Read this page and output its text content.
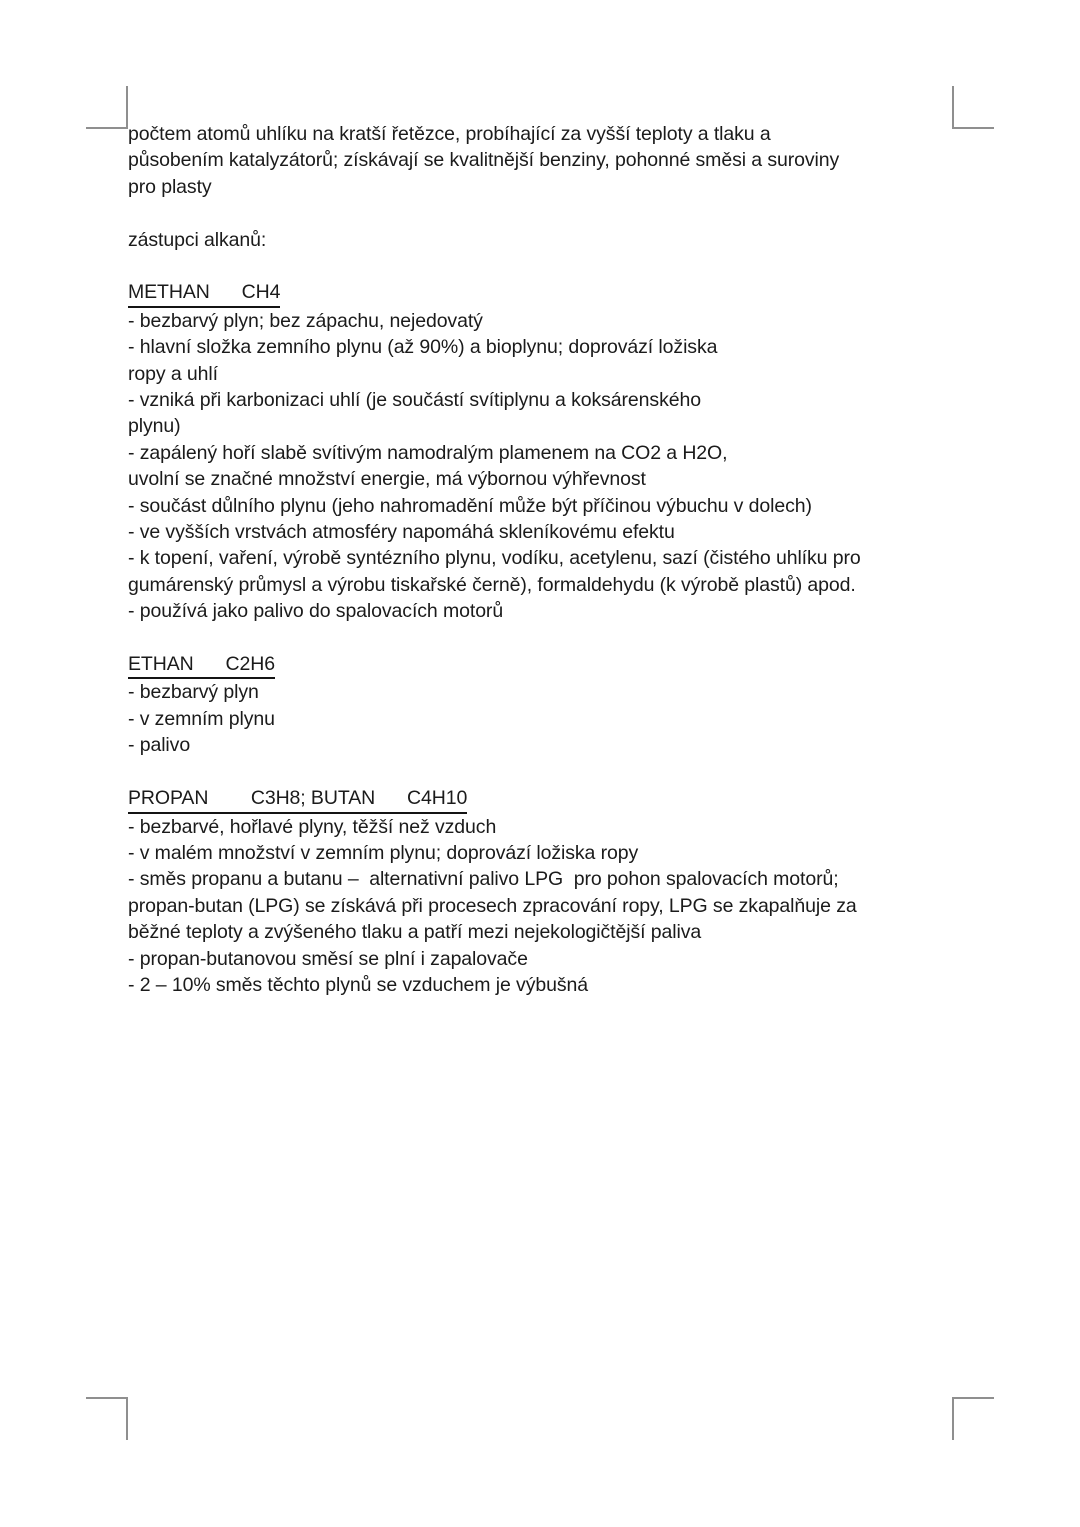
počtem atomů uhlíku na kratší řetězce, probíhající za vyšší teploty a tlaku a
působením katalyzátorů; získávají se kvalitnější benziny, pohonné směsi a suroviny
pro plasty
zástupci alkanů:
METHAN      CH4
- bezbarvý plyn; bez zápachu, nejedovatý
- hlavní složka zemního plynu (až 90%) a bioplynu; doprovází ložiska
ropy a uhlí
- vzniká při karbonizaci uhlí (je součástí svítiplynu a koksárenského
plynu)
- zapálený hoří slabě svítivým namodralým plamenem na CO2 a H2O,
uvolní se značné množství energie, má výbornou výhřevnost
- součást důlního plynu (jeho nahromadění může být příčinou výbuchu v dolech)
- ve vyšších vrstvách atmosféry napomáhá skleníkovému efektu
- k topení, vaření, výrobě syntézního plynu, vodíku, acetylenu, sazí (čistého uhlíku pro
gumárenský průmysl a výrobu tiskařské černě), formaldehydu (k výrobě plastů) apod.
- používá jako palivo do spalovacích motorů
ETHAN      C2H6
- bezbarvý plyn
- v zemním plynu
- palivo
PROPAN        C3H8; BUTAN      C4H10
- bezbarvé, hořlavé plyny, těžší než vzduch
- v malém množství v zemním plynu; doprovází ložiska ropy
- směs propanu a butanu –  alternativní palivo LPG  pro pohon spalovacích motorů;
propan-butan (LPG) se získává při procesech zpracování ropy, LPG se zkapalňuje za
běžné teploty a zvýšeného tlaku a patří mezi nejekologičtější paliva
- propan-butanovou směsí se plní i zapalovače
- 2 – 10% směs těchto plynů se vzduchem je výbušná
